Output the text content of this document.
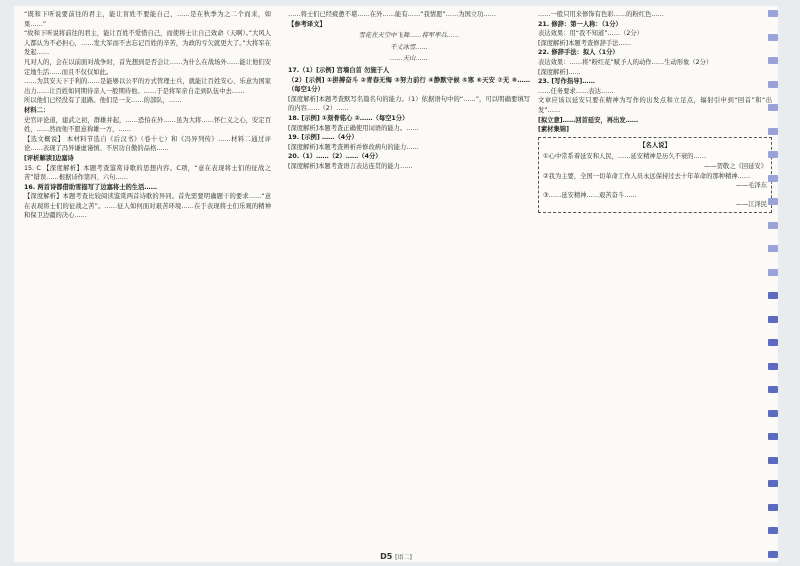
“既和下听说要前往的君主，能让盲姓不要能自己，……是在秋季为之二个而来，如果……”

“故和下听说将前往的君主，能让百姓不爱惜自己，而使将士让自己效命（天啊）。”大风人人都认为不必担心，……发大军而不去忘记百姓的辛苦，为政的亏欠就更大了。”大将军在发起……

凡对人的，会在以前面对战争时，首先想到是否会让……为什么在战场外……能让他们安定地生活……而且不仅仅如此。

……为其安天下于利的……是能够以公平的方式管理士兵，就能让百姓安心、乐意为国家出力……让百姓如同期待亲人一般期待他。……于是将军亲自走到队伍中去……

所以他们已经没有了退路。他们是一支……的部队，……

材料二：

史官评论道，建武之初，群雄并起，……恐怕在外……虽为大将……怀仁义之心，安定百姓，……然而他不愿意称雄一方，……

【选文概说】 本材料节选自《后汉书》（卷十七）和《冯异列传》……材料二通过评论……表现了冯异谦虚谨慎、不居功自傲的品格……

[评析解读]边塞诗

15. C 【深度解析】本题考查鉴赏诗歌的思想内容。C项，“意在表现将士们的征战之苦”错误……根据诗作第四、六句……

16. 两首诗都借助雪描写了边塞将士的生活……

【深度解析】本题考查比较阅读鉴赏两首诗歌的异同。首先需要明确题干的要求……“意在表现将士们的征战之苦”。……征人如何面对艰苦环境……在于表现将士们乐观的精神和保卫边疆的决心……

……将士们已经疲惫不堪……在外……能有……“我情愿”……为国立功……

【参考译文】

雪花在天空中飞舞……将军率兵……

千丈冰雪……

……天山……

17.（1）[示例] 宫墙白首 勿施于人

（2）[示例] ①拼搏奋斗 ②青春无悔 ③努力前行 ④静默守候 ⑤寒 ⑥天安 ⑦无 ⑧……（每空1分）

[深度解析]本题考查默写名篇名句的能力。（1）依据语句中的“……”，可以明确要填写的内容……（2）……

18. [示例] ①刻骨铭心 ②……（每空1分）

[深度解析]本题考查正确使用词语的能力。……

19. [示例] ……（4分）

[深度解析]本题考查辨析并修改病句的能力……

20.（1）……（2）……（4分）

[深度解析]本题考查语言表达连贯的能力……

……一般只用来修饰有色彩……的粉红色……

21. 修辞：第一人称：（1分）

表达效果：用“我不知道”……（2分）

[深度解析]本题考查修辞手法……

22. 修辞手法：拟人（1分）

表达效果：……将“粉红花”赋予人的动作……生动形象（2分）

[深度解析]……

23. [写作指导]……

……任务要求……表达……

文章应该以延安只要在精神为写作的出发点和立足点，辐射引申到“回首”和“出发”……

[拟立意]……回首延安，再出发……

[素材集锦]

【名人说】

①心中常系着延安和人民，……延安精神是历久不衰的……

——贺敬之《回延安》

②我为主要，全国一切革命工作人员永远保持过去十年革命的那种精神……

——毛泽东

③……延安精神……艰苦奋斗……

——江泽民

D5 [语二]
